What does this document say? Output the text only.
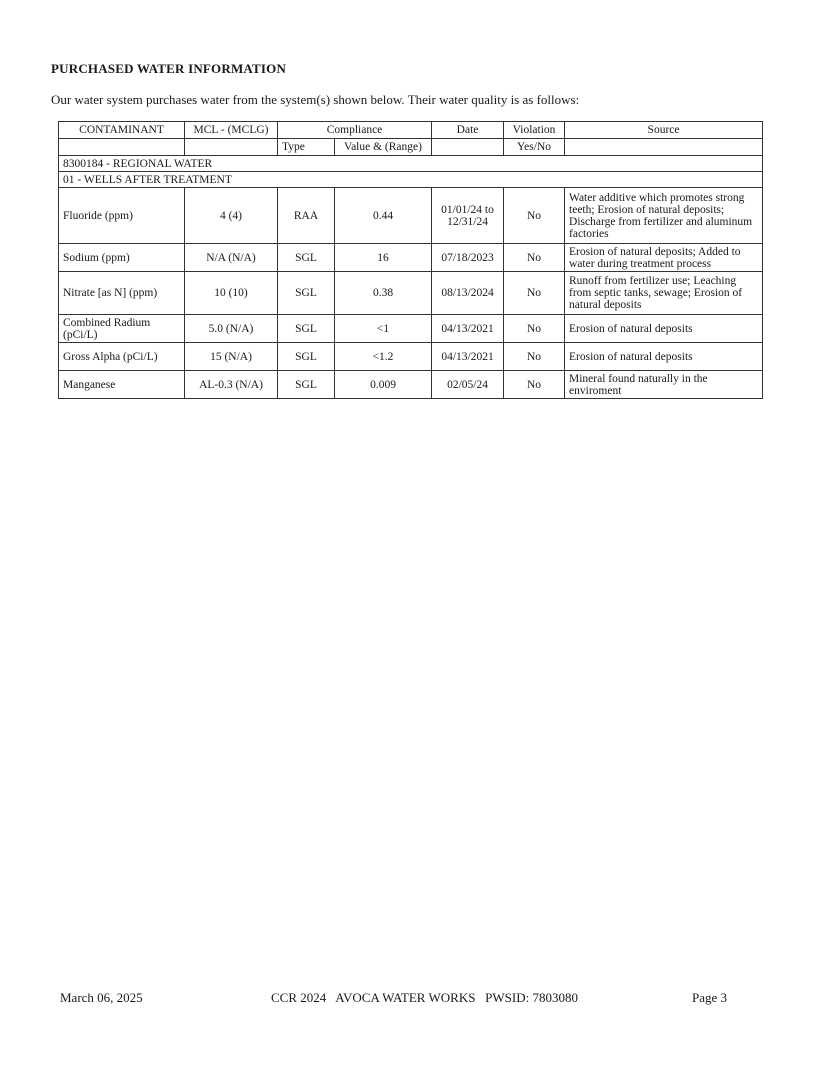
PURCHASED WATER INFORMATION
Our water system purchases water from the system(s) shown below. Their water quality is as follows:
CONTAMINANT	MCL - (MCLG)	Compliance		Date	Violation	Source
		Type	Value & (Range)		Yes/No	
8300184 - REGIONAL WATER						
01 - WELLS AFTER TREATMENT						
Fluoride (ppm)	4 (4)	RAA	0.44	01/01/24 to 12/31/24	No	Water additive which promotes strong teeth; Erosion of natural deposits; Discharge from fertilizer and aluminum factories
Sodium (ppm)	N/A (N/A)	SGL	16	07/18/2023	No	Erosion of natural deposits; Added to water during treatment process
Nitrate [as N] (ppm)	10 (10)	SGL	0.38	08/13/2024	No	Runoff from fertilizer use; Leaching from septic tanks, sewage; Erosion of natural deposits
Combined Radium (pCi/L)	5.0 (N/A)	SGL	<1	04/13/2021	No	Erosion of natural deposits
Gross Alpha (pCi/L)	15 (N/A)	SGL	<1.2	04/13/2021	No	Erosion of natural deposits
Manganese	AL-0.3 (N/A)	SGL	0.009	02/05/24	No	Mineral found naturally in the enviroment
March 06, 2025	CCR 2024   AVOCA WATER WORKS   PWSID: 7803080	Page 3
